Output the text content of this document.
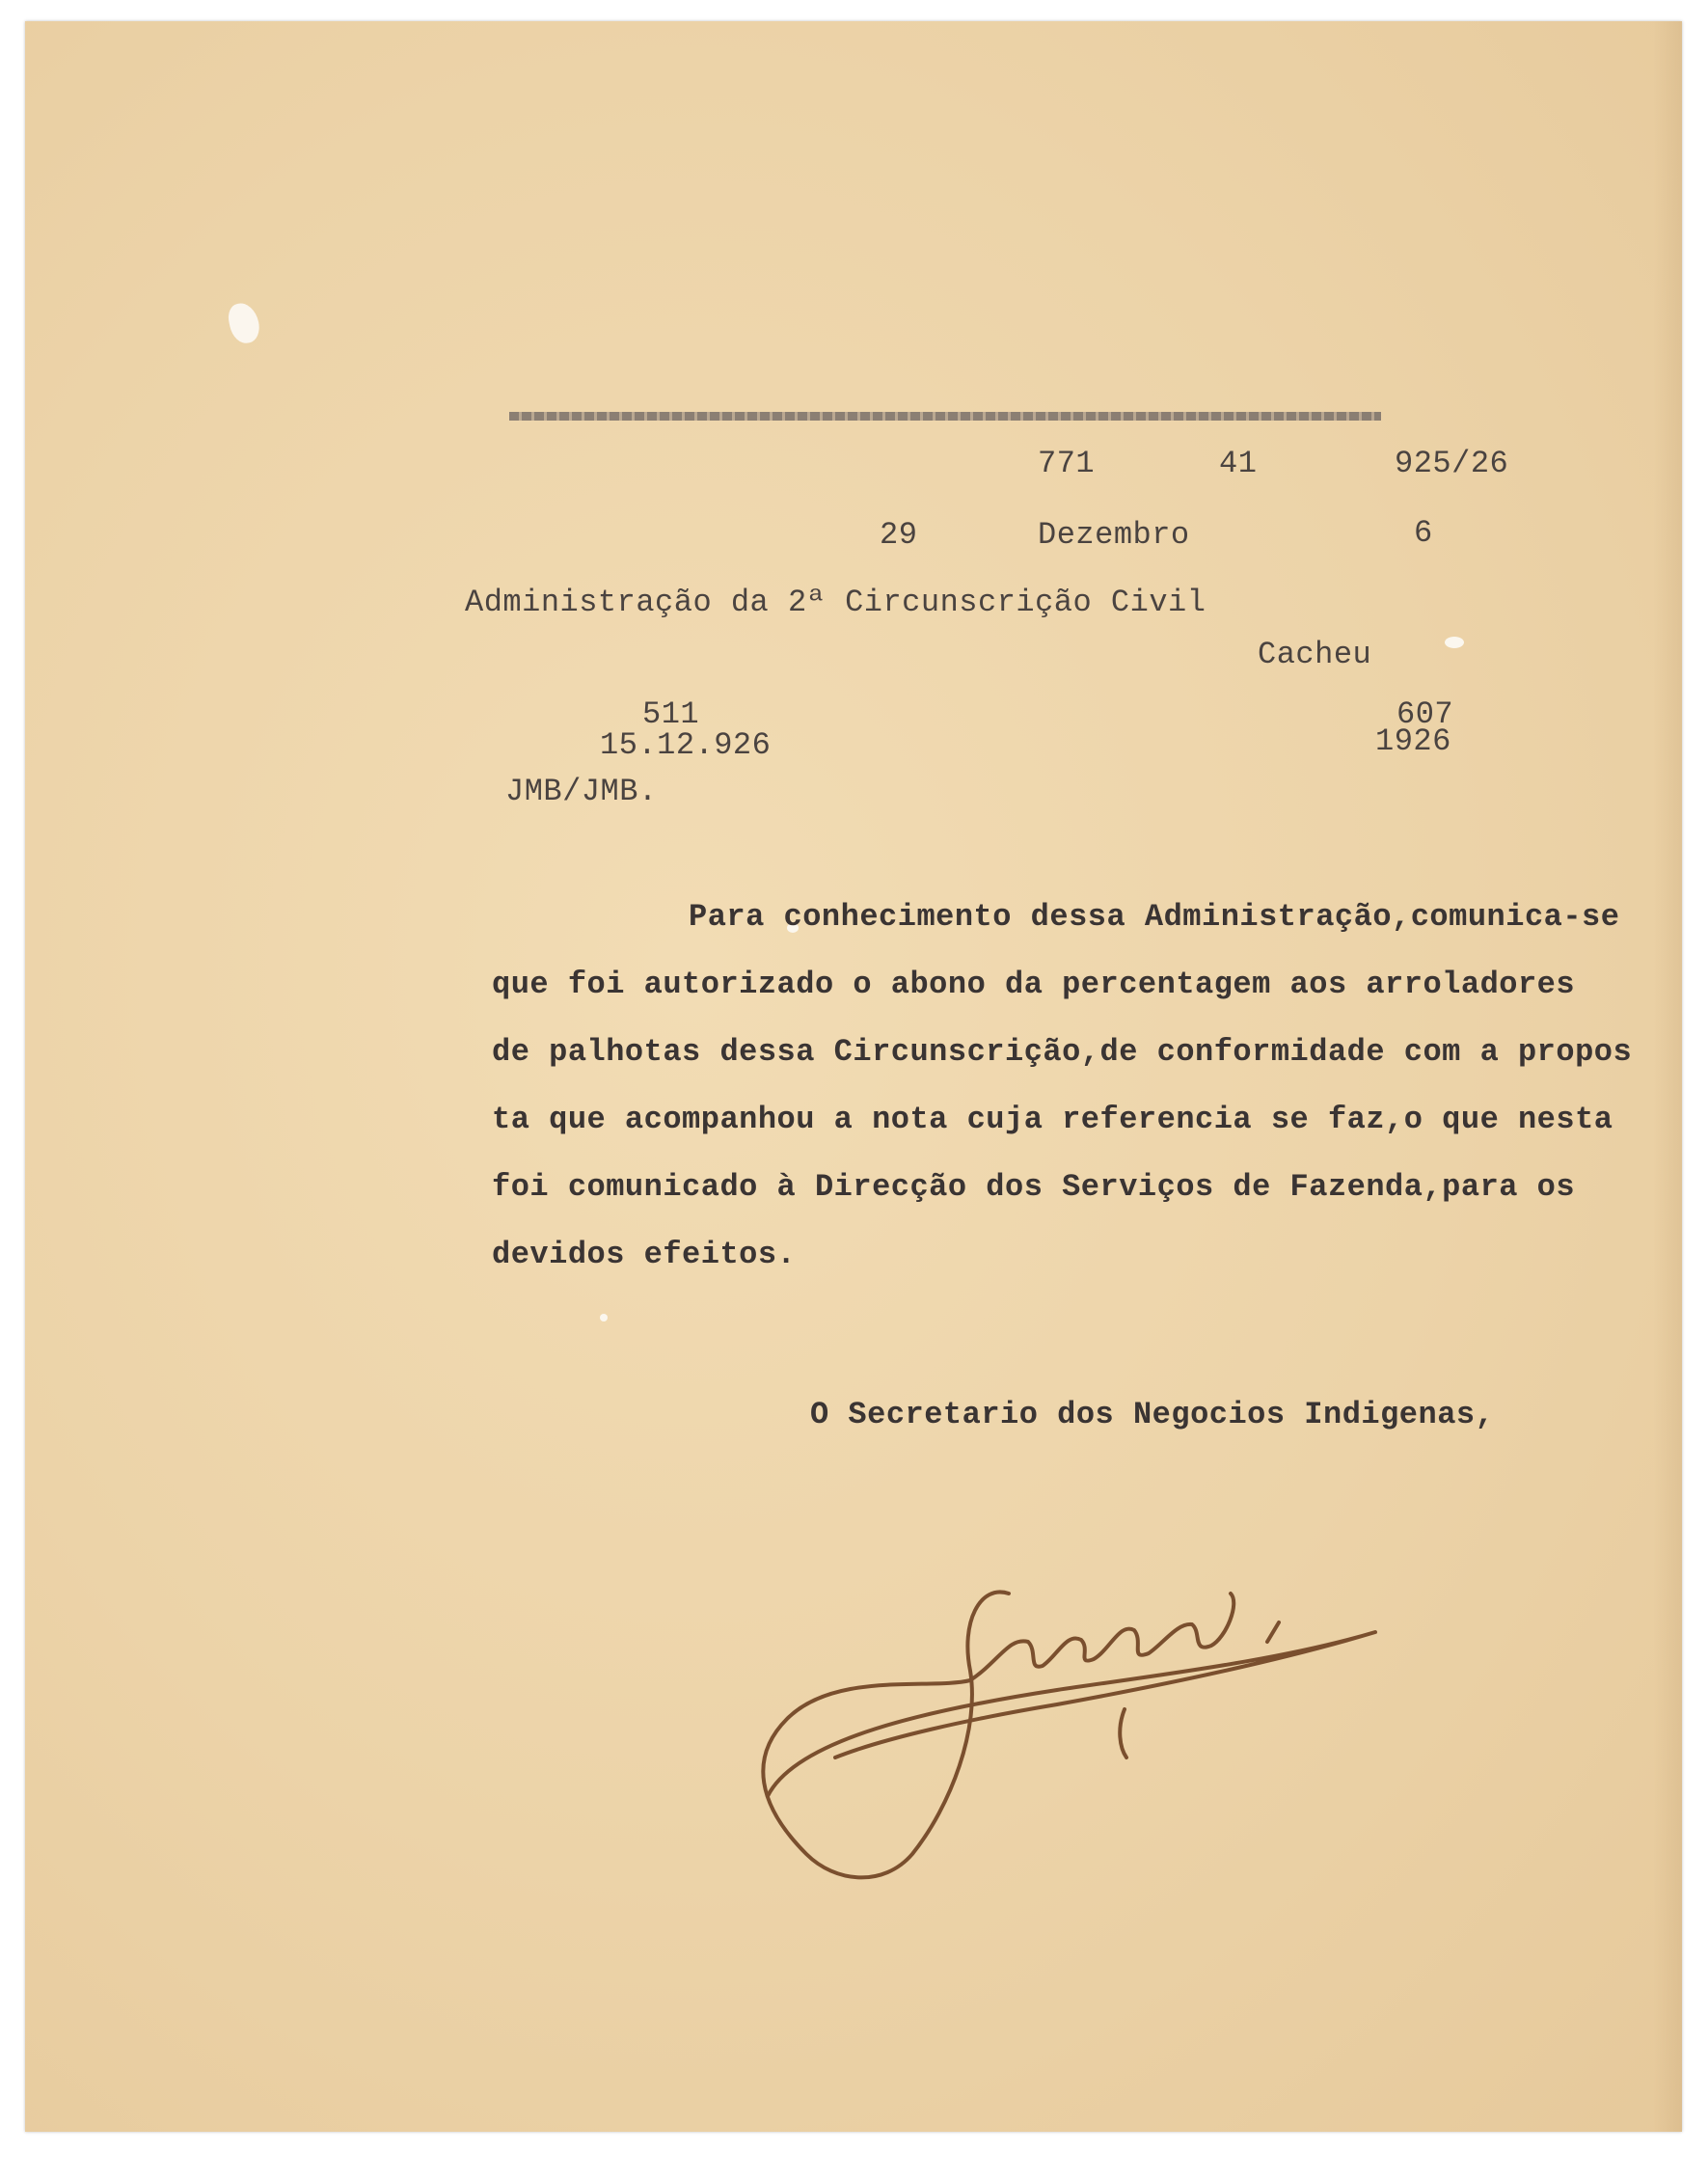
771	41	925/26
29	Dezembro	6
Administração da 2ª Circunscrição Civil
Cacheu
511
15.12.926
607
1926
JMB/JMB.
Para conhecimento dessa Administração,comunica-se
que foi autorizado o abono da percentagem aos arroladores
de palhotas dessa Circunscrição,de conformidade com a propos
ta que acompanhou a nota cuja referencia se faz,o que nesta
foi comunicado à Direcção dos Serviços de Fazenda,para os
devidos efeitos.
O Secretario dos Negocios Indigenas,
